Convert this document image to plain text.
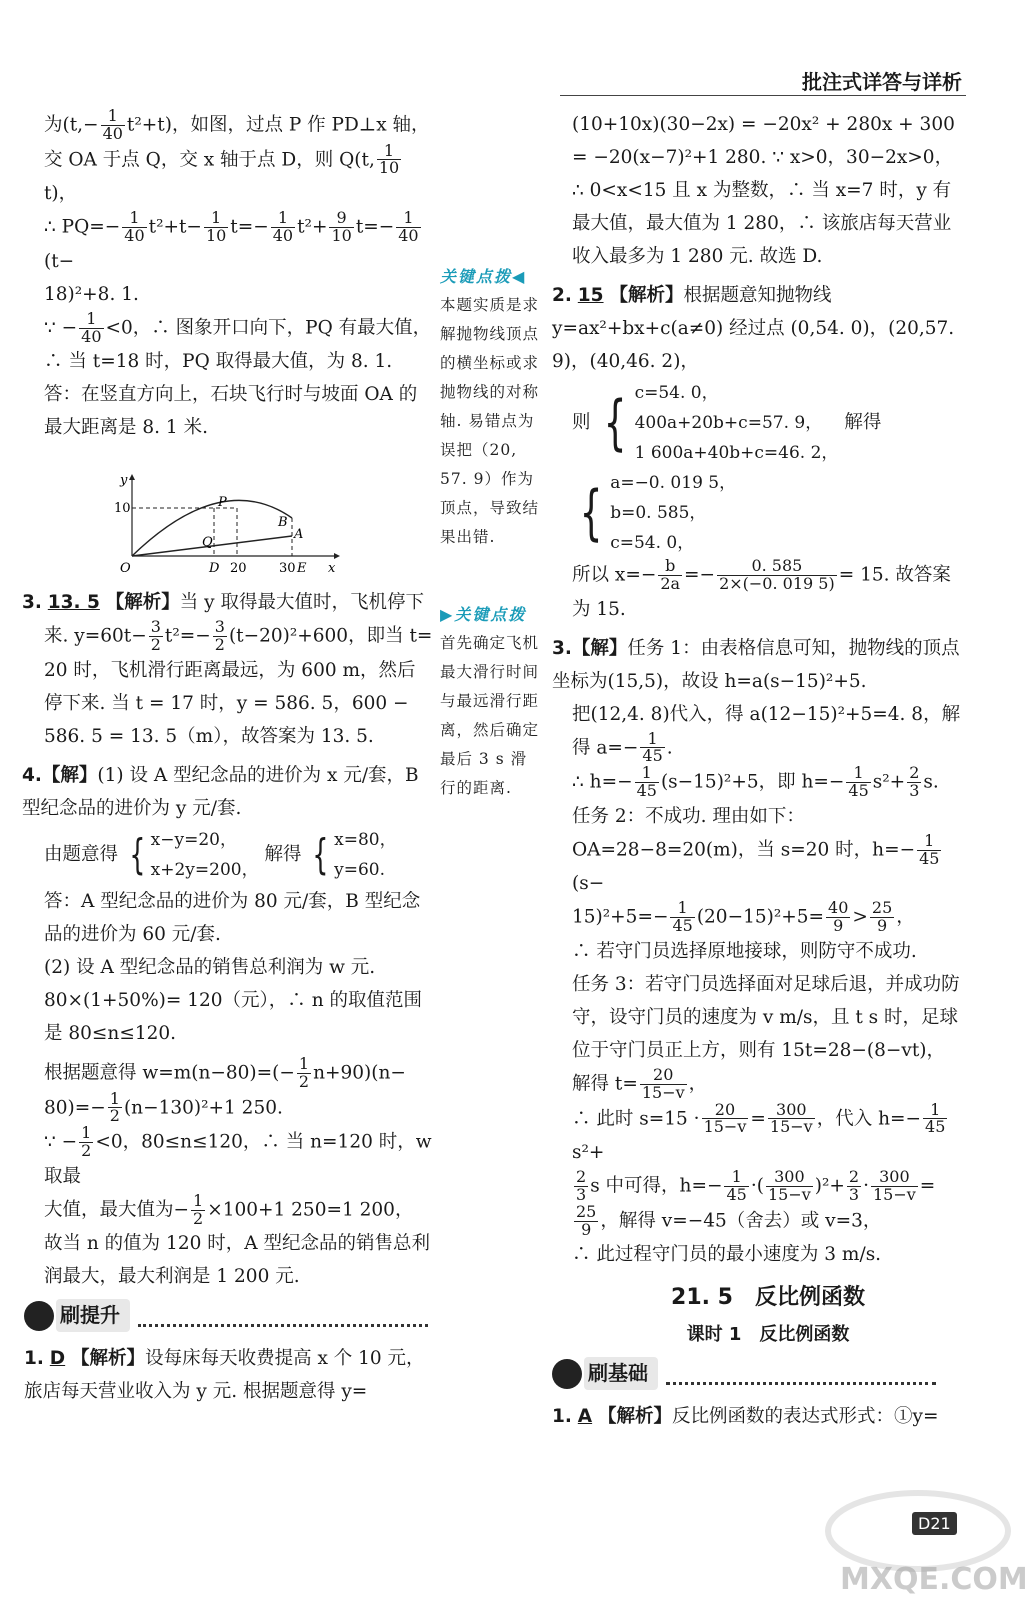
批注式详答与详析

为$(t,- \frac{1}{40} t^2+t)$，如图，过点 P 作 PD⊥x 轴，

交 OA 于点 Q，交 x 轴于点 D，则 Q(t, $\frac{1}{10}$
t)，

∴ $PQ=- \frac{1}{40} t^2+t- \frac{1}{10} t=- \frac{1}{40} t^2+ \frac{9}{10} t=- \frac{1}{40}$
(t−

18)²+8. 1.

∵ − $\frac{1}{40} <0$，∴ 图象开口向下，PQ 有最大值，

∴ 当 t=18 时，PQ 取得最大值，为 8. 1.

答：在竖直方向上，石块飞行时与坡面 OA 的最大距离是 8. 1 米.

3. 13. 5 【解析】当 y 取得最大值时，飞机停下

来. $y=60t- \frac{3}{2} t^2=- \frac{3}{2} (t-20)^2+600$，即当 t=

20 时，飞机滑行距离最远，为 600 m，然后停下来. 当 t = 17 时，y = 586. 5，600 − 586. 5 = 13. 5（m），故答案为 13. 5.

4.【解】(1) 设 A 型纪念品的进价为 x 元/套，B 型纪念品的进价为 y 元/套.

由题意得 { x−y=20，
x+2y=200，
解得 { x=80，
y=60.

答：A 型纪念品的进价为 80 元/套，B 型纪念品的进价为 60 元/套.

(2) 设 A 型纪念品的销售总利润为 w 元. 80×(1+50%)= 120（元），∴ n 的取值范围是 80≤n≤120.

根据题意得 $w=m(n-80)=(- \frac{1}{2} n+90)(n-$

$80)=- \frac{1}{2} (n-130)^2+1$ 250.

∵ − $\frac{1}{2} <0$，80≤n≤120，∴ 当 n=120 时，w 取最

大值，最大值为− $\frac{1}{2} \times 100+1$ 250=1 200，

故当 n 的值为 120 时，A 型纪念品的销售总利润最大，最大利润是 1 200 元.

刷提升

1. D 【解析】设每床每天收费提高 x 个 10 元，旅店每天营业收入为 y 元. 根据题意得 y=

y
10	P
Q
B
A
O	D 20 30 E x
关键点拨◀
本题实质是求解抛物线顶点的横坐标或求抛物线的对称轴. 易错点为误把（20, 57. 9）作为顶点，导致结果出错.
▶关键点拨
首先确定飞机最大滑行时间与最远滑行距离，然后确定最后 3 s 滑行的距离.

(10+10x)(30−2x) = −20x² + 280x + 300 = −20(x−7)²+1 280. ∵ x>0，30−2x>0，∴ 0<x<15 且 x 为整数，∴ 当 x=7 时，y 有最大值，最大值为 1 280，∴ 该旅店每天营业收入最多为 1 280 元. 故选 D.

2. 15 【解析】根据题意知抛物线 y=ax²+bx+c(a≠0) 经过点 (0,54. 0)，(20,57. 9)，(40,46. 2)，

则 { c=54. 0，
400a+20b+c=57. 9，
1 600a+40b+c=46. 2，
解得
{ a=−0. 019 5，
b=0. 585，
c=54. 0，

所以 $x=- \frac{b}{2a} =- \frac{0. 585}{2\times(-0. 019 5)} = 15$. 故答案为 15.

3.【解】任务 1：由表格信息可知，抛物线的顶点坐标为(15,5)，故设 h=a(s−15)²+5.

把(12,4. 8)代入，得 a(12−15)²+5=4. 8，解

得 $a=- \frac{1}{45}$ .

∴ $h=- \frac{1}{45} (s-15)^2+5$，即 $h=- \frac{1}{45} s^2+ \frac{2}{3} s$.

任务 2：不成功. 理由如下：

OA=28−8=20(m)，当 s=20 时，$h=- \frac{1}{45}$
(s−

$15)^2+5=- \frac{1}{45} (20-15)^2+5= \frac{40}{9} > \frac{25}{9}$ ，

∴ 若守门员选择原地接球，则防守不成功.

任务 3：若守门员选择面对足球后退，并成功防守，设守门员的速度为 v m/s，且 t s 时，足球位于守门员正上方，则有 15t=28−(8−vt)，

解得 $t= \frac{20}{15-v}$ ，

∴ 此时 $s=15 \cdot \frac{20}{15-v} = \frac{300}{15-v}$ ，代入 $h=- \frac{1}{45}$
s²+

$\frac{2}{3}$ s 中可得，$h=- \frac{1}{45}$ ·( $\frac{300}{15-v} )^2+ \frac{2}{3} \cdot \frac{300}{15-v}$ =

$\frac{25}{9}$ ，解得 v=−45（舍去）或 v=3，

∴ 此过程守门员的最小速度为 3 m/s.

21. 5　反比例函数
课时 1　反比例函数
刷基础

1. A 【解析】反比例函数的表达式形式：①y=

D21
MXQE.COM
